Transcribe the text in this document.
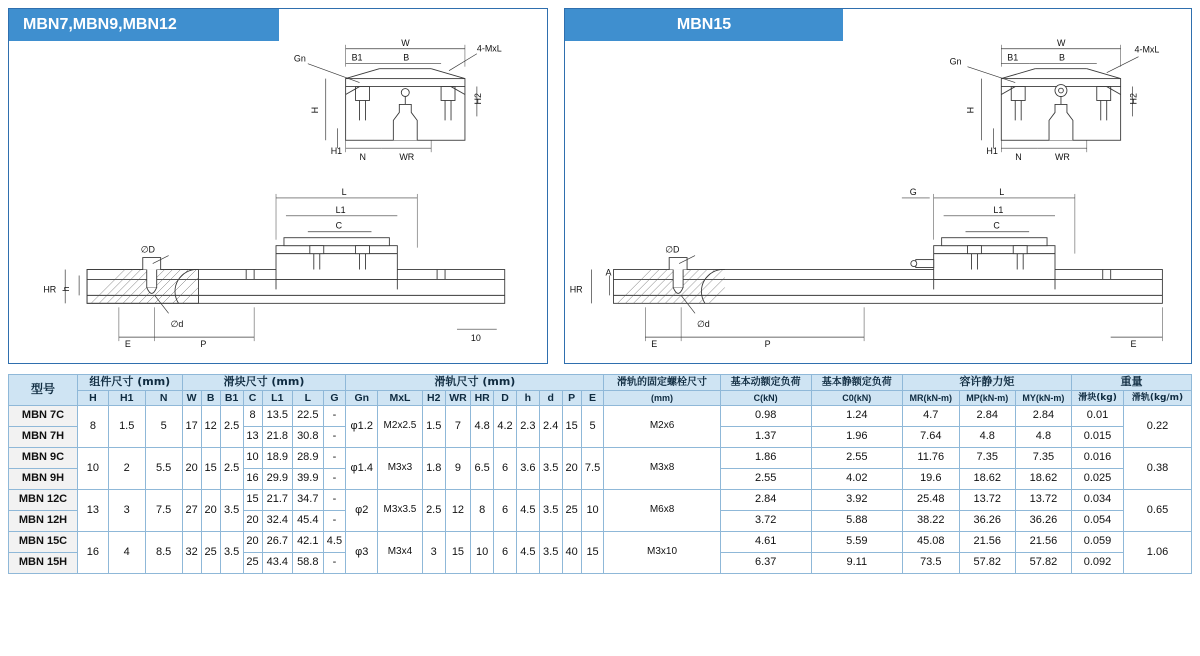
MBN7,MBN9,MBN12
Gn
4-MxL
B1	B
W
H
H1
H2
N	WR
L
L1
C
∅D
∅d
HR h
E	P
10
MBN15
Gn
4-MxL
B1	B
W
H
H1
H2
N	WR
L
L1
C
G
∅D
∅d
HR
A
E	P	E
型号	组件尺寸 (mm)			滑块尺寸 (mm)							滑轨尺寸 (mm)										滑轨的固定螺栓尺寸	基本动额定负荷	基本静额定负荷	容许静力矩			重量	
	H	H1	N	W	B	B1	C	L1	L	G	Gn	MxL	H2	WR	HR	D	h	d	P	E	(mm)	C(kN)	C0(kN)	MR(kN-m)	MP(kN-m)	MY(kN-m)	滑块(kg)	滑轨(kg/m)
MBN 7C	8	1.5	5	17	12	2.5	8	13.5	22.5	-	φ1.2	M2x2.5	1.5	7	4.8	4.2	2.3	2.4	15	5	M2x6	0.98	1.24	4.7	2.84	2.84	0.01	0.22
MBN 7H							13	21.8	30.8	-												1.37	1.96	7.64	4.8	4.8	0.015	
MBN 9C	10	2	5.5	20	15	2.5	10	18.9	28.9	-	φ1.4	M3x3	1.8	9	6.5	6	3.6	3.5	20	7.5	M3x8	1.86	2.55	11.76	7.35	7.35	0.016	0.38
MBN 9H							16	29.9	39.9	-												2.55	4.02	19.6	18.62	18.62	0.025	
MBN 12C	13	3	7.5	27	20	3.5	15	21.7	34.7	-	φ2	M3x3.5	2.5	12	8	6	4.5	3.5	25	10	M6x8	2.84	3.92	25.48	13.72	13.72	0.034	0.65
MBN 12H							20	32.4	45.4	-												3.72	5.88	38.22	36.26	36.26	0.054	
MBN 15C	16	4	8.5	32	25	3.5	20	26.7	42.1	4.5	φ3	M3x4	3	15	10	6	4.5	3.5	40	15	M3x10	4.61	5.59	45.08	21.56	21.56	0.059	1.06
MBN 15H							25	43.4	58.8	-												6.37	9.11	73.5	57.82	57.82	0.092	
